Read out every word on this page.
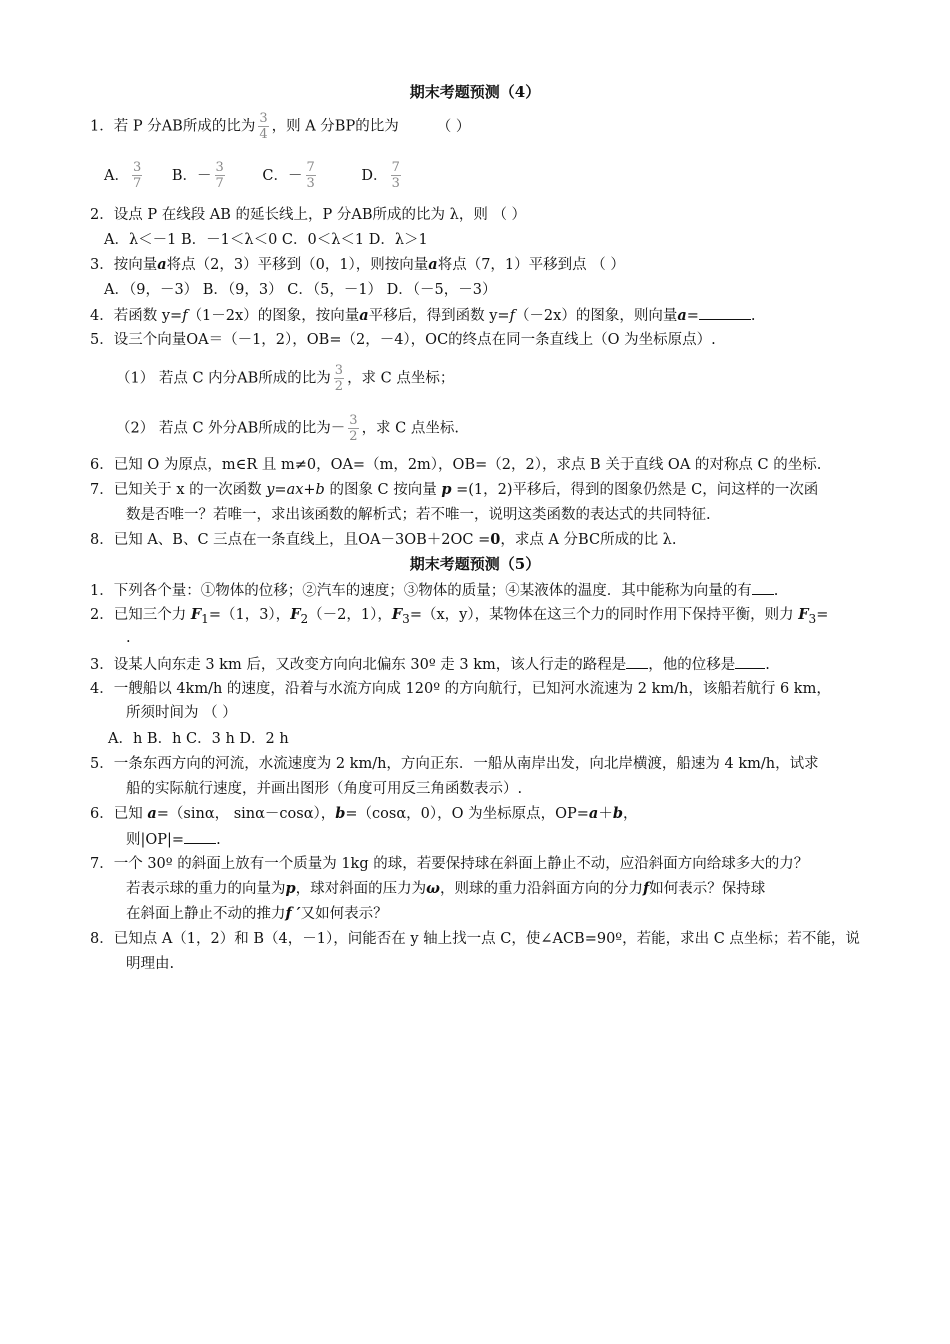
期末考题预测（4）
1．若 P 分AB所成的比为 $\frac{3}{4}$ ，则 A 分BP的比为	（ ）
A． $\frac{3}{7}$ B．－ $\frac{3}{7}$	C．－ $\frac{7}{3}$	D． $\frac{7}{3}$
2．设点 P 在线段 AB 的延长线上，P 分AB所成的比为 λ，则 （ ）
A．λ＜－1 B．－1＜λ＜0 C．0＜λ＜1 D．λ＞1
3．按向量a将点（2，3）平移到（0，1），则按向量a将点（7，1）平移到点 （ ）
A．（9，－3） B．（9，3） C．（5，－1） D．（－5，－3）
4．若函数 y=f（1－2x）的图象，按向量a平移后，得到函数 y=f（－2x）的图象，则向量a=	.
5．设三个向量OA＝（－1，2），OB=（2，－4），OC的终点在同一条直线上（O 为坐标原点）.
（1） 若点 C 内分AB所成的比为 $\frac{3}{2}$ ，求 C 点坐标；
（2） 若点 C 外分AB所成的比为－ $\frac{3}{2}$ ，求 C 点坐标.
6．已知 O 为原点，m∈R 且 m≠0，OA=（m，2m），OB=（2，2），求点 B 关于直线 OA 的对称点 C 的坐标.
7．已知关于 x 的一次函数 y=ax+b 的图象 C 按向量 p =(1，2)平移后，得到的图象仍然是 C，问这样的一次函
数是否唯一？若唯一，求出该函数的解析式；若不唯一，说明这类函数的表达式的共同特征.
8．已知 A、B、C 三点在一条直线上，且OA－3OB＋2OC =0，求点 A 分BC所成的比 λ.
期末考题预测（5）
1．下列各个量：①物体的位移；②汽车的速度；③物体的质量；④某液体的温度．其中能称为向量的有 .
2．已知三个力 $F_1=(1$，3），$F_2(-2$，1），$F_3=(x$，y），某物体在这三个力的同时作用下保持平衡，则力 $F_3=$
.
3．设某人向东走 3 km 后，又改变方向向北偏东 30º 走 3 km，该人行走的路程是 ，他的位移是 .
4．一艘船以 4km/h 的速度，沿着与水流方向成 120º 的方向航行，已知河水流速为 2 km/h，该船若航行 6 km，
所须时间为 （ ）
A．h B．h C．3 h D．2 h
5．一条东西方向的河流，水流速度为 2 km/h，方向正东．一船从南岸出发，向北岸横渡，船速为 4 km/h，试求
船的实际航行速度，并画出图形（角度可用反三角函数表示）.
6．已知 a=（sinα， sinα－cosα），b=（cosα，0），O 为坐标原点，OP=a＋b，
则|OP|= .
7．一个 30º 的斜面上放有一个质量为 1kg 的球，若要保持球在斜面上静止不动，应沿斜面方向给球多大的力？
若表示球的重力的向量为p，球对斜面的压力为ω，则球的重力沿斜面方向的分力f如何表示？保持球
在斜面上静止不动的推力f ′又如何表示？
8．已知点 A（1，2）和 B（4，－1），问能否在 y 轴上找一点 C，使∠ACB=90º，若能，求出 C 点坐标；若不能，说
明理由.
